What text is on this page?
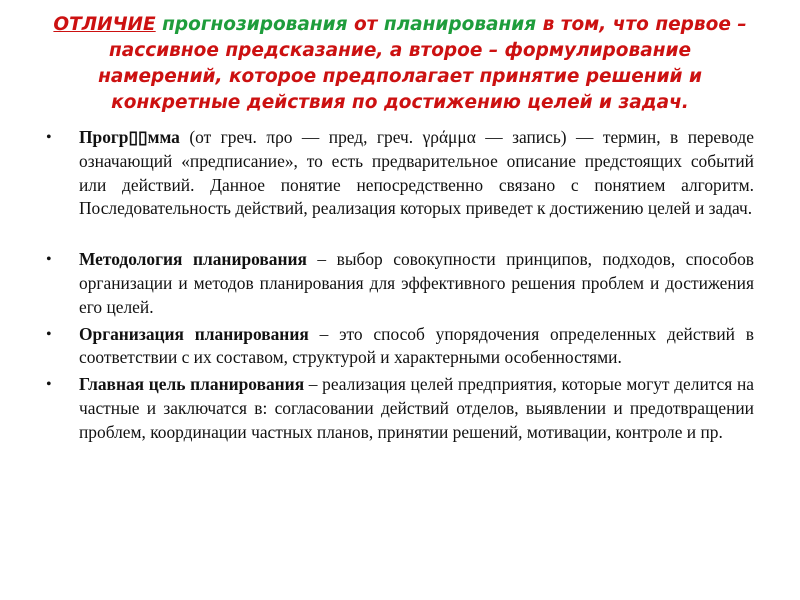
ОТЛИЧИЕ прогнозирования от планирования в том, что первое – пассивное предсказание, а второе – формулирование намерений, которое предполагает принятие решений и конкретные действия по достижению целей и задач.
• Прогр▯▯мма (от греч. προ — пред, греч. γράμμα — запись) — термин, в переводе означающий «предписание», то есть предварительное описание предстоящих событий или действий. Данное понятие непосредственно связано с понятием алгоритм. Последовательность действий, реализация которых приведет к достижению целей и задач.
• Методология планирования – выбор совокупности принципов, подходов, способов организации и методов планирования для эффективного решения проблем и достижения его целей.
• Организация планирования – это способ упорядочения определенных действий в соответствии с их составом, структурой и характерными особенностями.
• Главная цель планирования – реализация целей предприятия, которые могут делится на частные и заключатся в: согласовании действий отделов, выявлении и предотвращении проблем, координации частных планов, принятии решений, мотивации, контроле и пр.
